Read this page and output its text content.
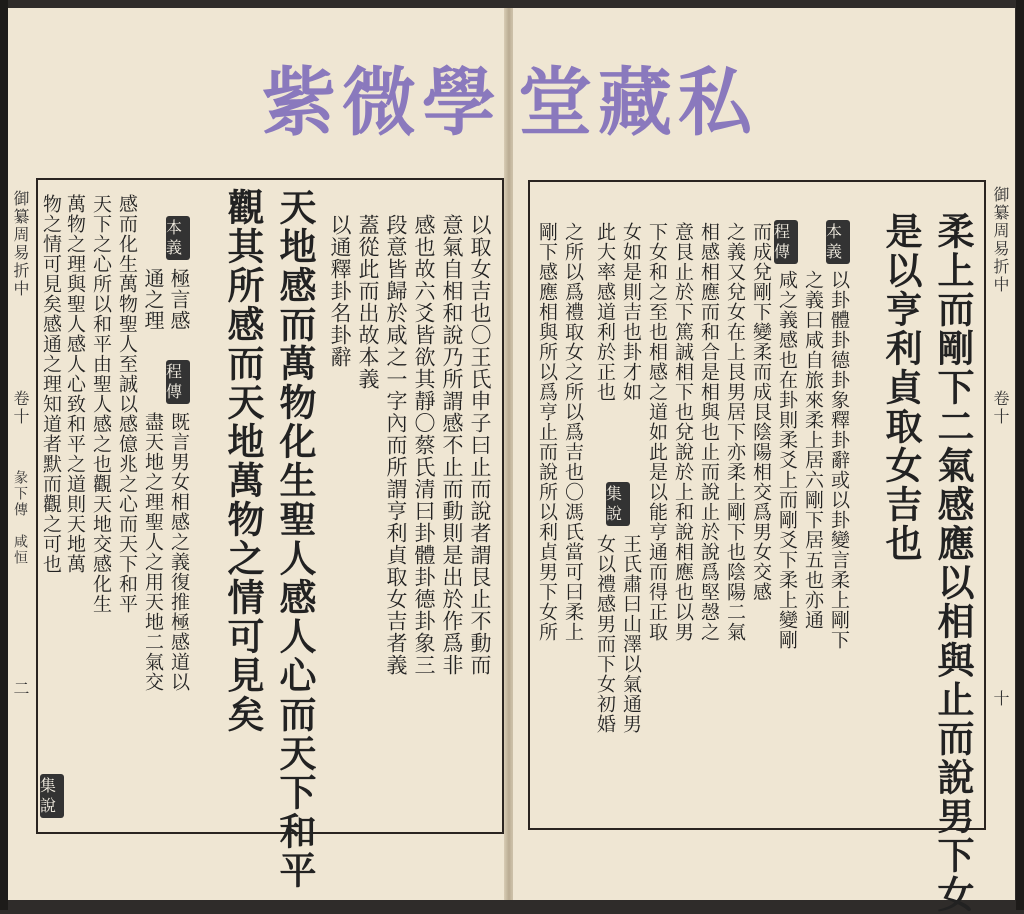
紫微學 堂藏私
御纂周易折中
卷十
彖下傳　咸恒
二
以取女吉也〇王氏申子曰止而說者謂艮止不動而
意氣自相和說乃所謂感不止而動則是出於作爲非
感也故六爻皆欲其靜〇蔡氏清曰卦體卦德卦象三
段意皆歸於咸之一字內而所謂亨利貞取女吉者義
蓋從此而出故本義
以通釋卦名卦辭
天地感而萬物化生聖人感人心而天下和平
觀其所感而天地萬物之情可見矣
本義
極言感
通之理
程傳
既言男女相感之義復推極感道以
盡天地之理聖人之用天地二氣交
感而化生萬物聖人至誠以感億兆之心而天下和平
天下之心所以和平由聖人感之也觀天地交感化生
萬物之理與聖人感人心致和平之道則天地萬
物之情可見矣感通之理知道者默而觀之可也
集說
御纂周易折中
卷十
十
柔上而剛下二氣感應以相與止而說男下女
是以亨利貞取女吉也
本義
以卦體卦德卦象釋卦辭或以卦變言柔上剛下
之義曰咸自旅來柔上居六剛下居五也亦通
程傳
咸之義感也在卦則柔爻上而剛爻下柔上變剛
而成兌剛下變柔而成艮陰陽相交爲男女交感
之義又兌女在上艮男居下亦柔上剛下也陰陽二氣
相感相應而和合是相與也止而說止於說爲堅愨之
意艮止於下篤誠相下也兌說於上和說相應也以男
下女和之至也相感之道如此是以能亨通而得正取
女如是則吉也卦才如
此大率感道利於正也
集說
王氏肅曰山澤以氣通男
女以禮感男而下女初婚
之所以爲禮取女之所以爲吉也〇馮氏當可曰柔上
剛下感應相與所以爲亨止而說所以利貞男下女所
